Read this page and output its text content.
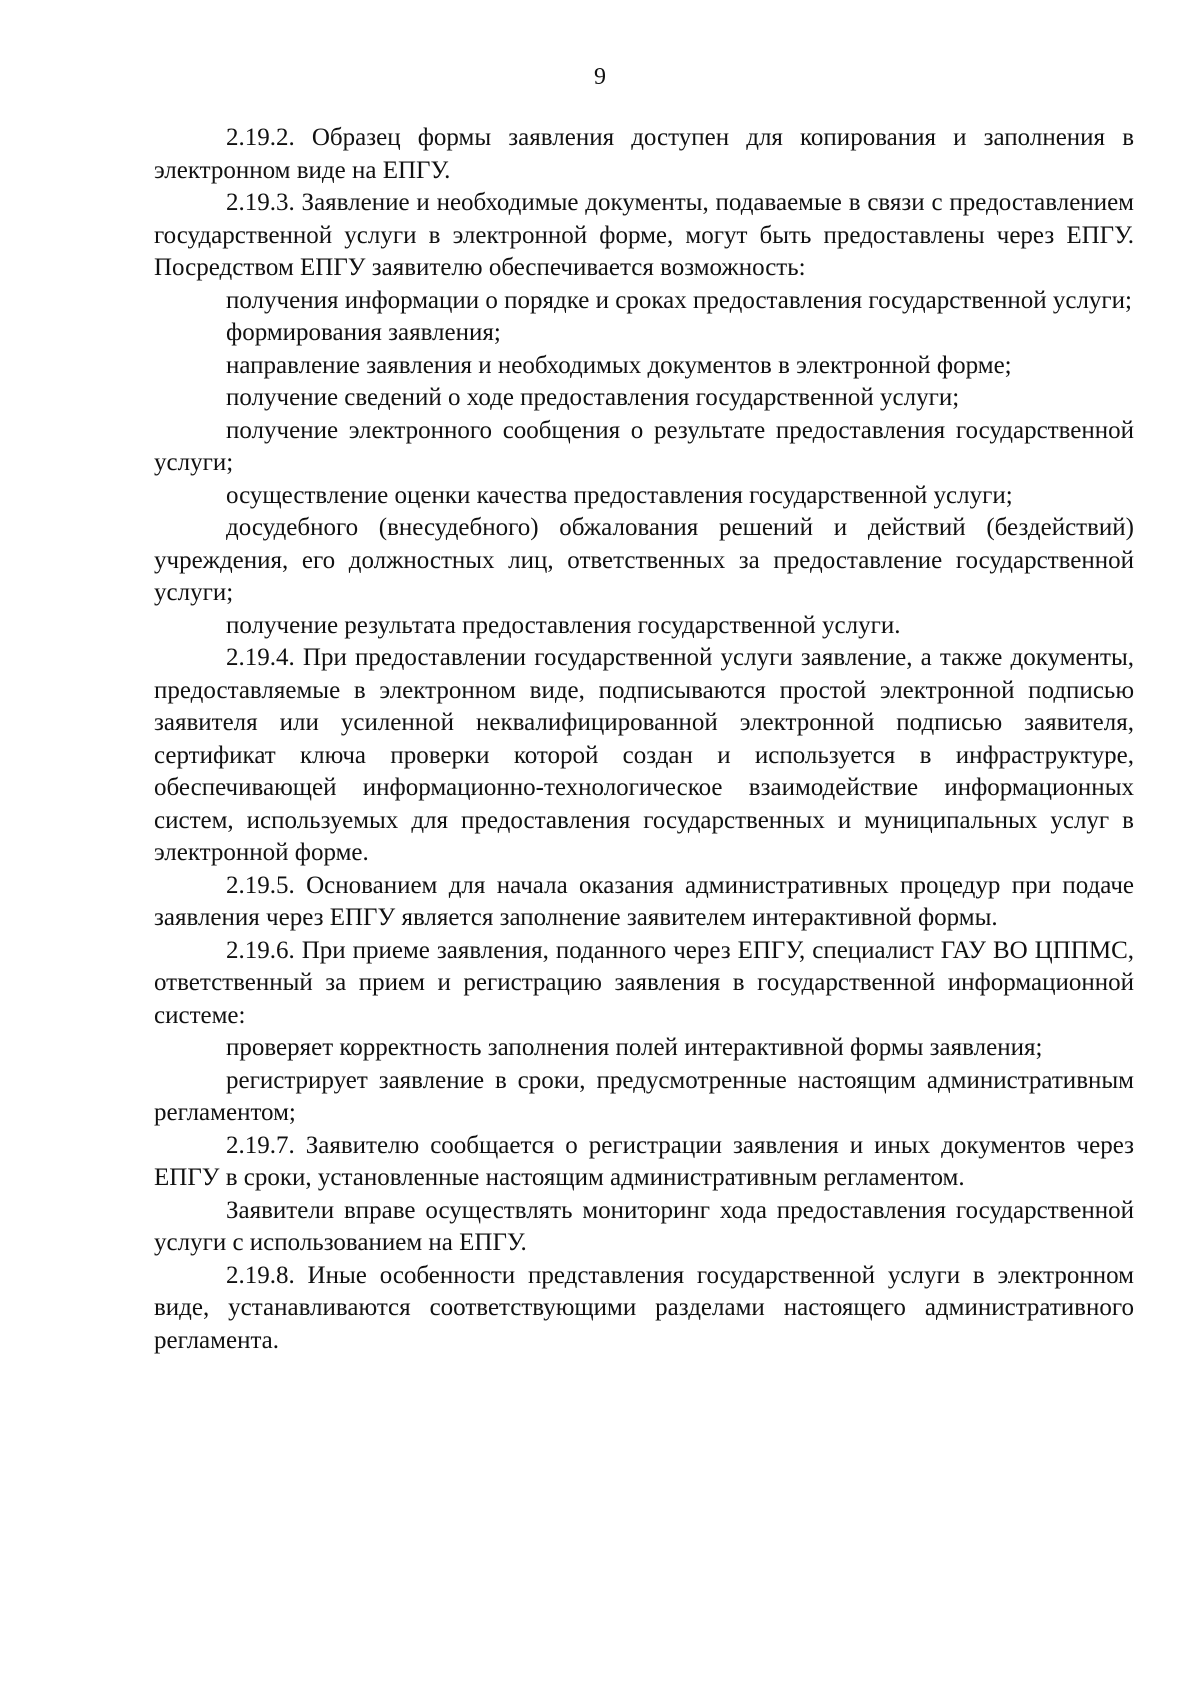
9

2.19.2. Образец формы заявления доступен для копирования и заполнения в электронном виде на ЕПГУ.

2.19.3. Заявление и необходимые документы, подаваемые в связи с предоставлением государственной услуги в электронной форме, могут быть предоставлены через ЕПГУ. Посредством ЕПГУ заявителю обеспечивается возможность:

получения информации о порядке и сроках предоставления государственной услуги;

формирования заявления;

направление заявления и необходимых документов в электронной форме;

получение сведений о ходе предоставления государственной услуги;

получение электронного сообщения о результате предоставления государственной услуги;

осуществление оценки качества предоставления государственной услуги;

досудебного (внесудебного) обжалования решений и действий (бездействий) учреждения, его должностных лиц, ответственных за предоставление государственной услуги;

получение результата предоставления государственной услуги.

2.19.4. При предоставлении государственной услуги заявление, а также документы, предоставляемые в электронном виде, подписываются простой электронной подписью заявителя или усиленной неквалифицированной электронной подписью заявителя, сертификат ключа проверки которой создан и используется в инфраструктуре, обеспечивающей информационно-технологическое взаимодействие информационных систем, используемых для предоставления государственных и муниципальных услуг в электронной форме.

2.19.5. Основанием для начала оказания административных процедур при подаче заявления через ЕПГУ является заполнение заявителем интерактивной формы.

2.19.6. При приеме заявления, поданного через ЕПГУ, специалист ГАУ ВО ЦППМС, ответственный за прием и регистрацию заявления в государственной информационной системе:

проверяет корректность заполнения полей интерактивной формы заявления;

регистрирует заявление в сроки, предусмотренные настоящим административным регламентом;

2.19.7. Заявителю сообщается о регистрации заявления и иных документов через ЕПГУ в сроки, установленные настоящим административным регламентом.

Заявители вправе осуществлять мониторинг хода предоставления государственной услуги с использованием на ЕПГУ.

2.19.8. Иные особенности представления государственной услуги в электронном виде, устанавливаются соответствующими разделами настоящего административного регламента.
